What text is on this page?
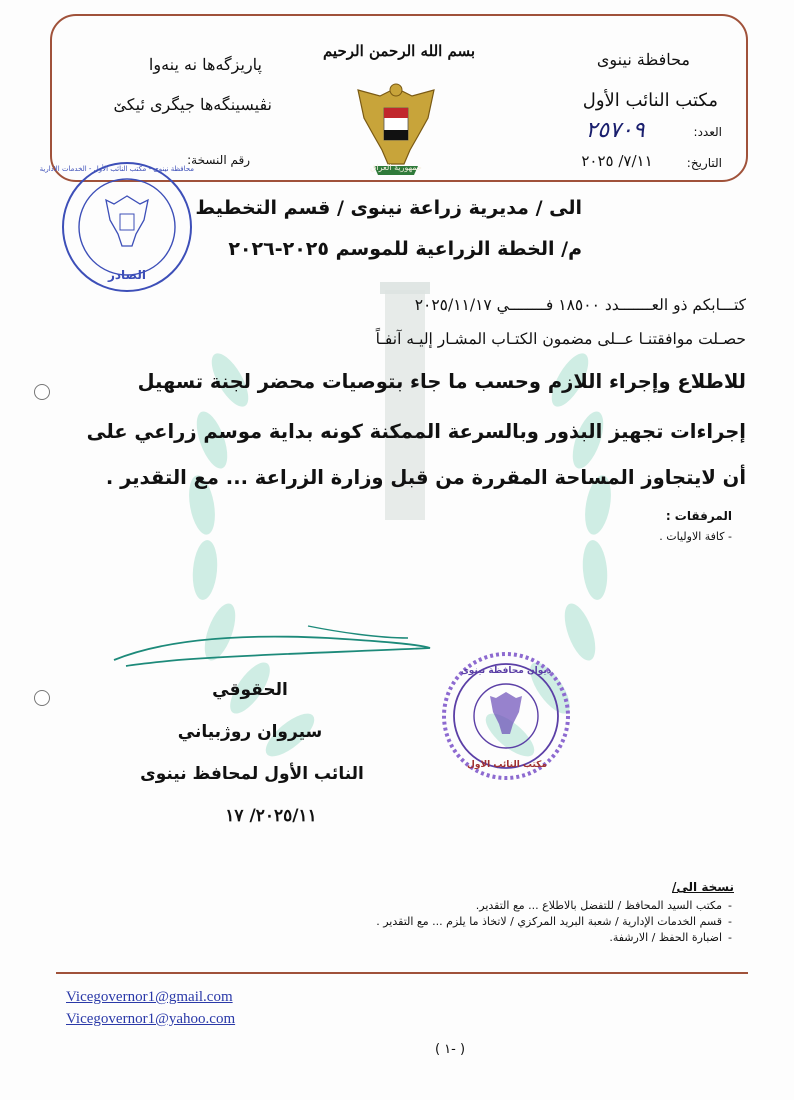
پاریزگەها نە ینەوا
نڤیسینگەها جیگری ئیکێ
رقم النسخة:
بسم الله الرحمن الرحيم
جمهورية العراق
محافظة نينوى
مكتب النائب الأول
العدد:
٢٥٧٠٩
التاريخ:
٧/١١/ ٢٠٢٥
محافظة نينوى - مكتب النائب الأول - الخدمات الادارية
الصادر
الى / مديرية زراعة نينوى / قسم التخطيط
م/ الخطة الزراعية للموسم ٢٠٢٥-٢٠٢٦
كتـــابكم ذو العـــــــدد ١٨٥٠٠ فــــــــي ٢٠٢٥/١١/١٧
حصـلت موافقتنـا عــلى مضمون الكتـاب المشـار إليـه آنفـاً
للاطلاع وإجراء اللازم وحسب ما جاء بتوصيات محضر لجنة تسهيل
إجراءات تجهيز البذور وبالسرعة الممكنة كونه بداية موسم زراعي على
أن لايتجاوز المساحة المقررة من قبل وزارة الزراعة ... مع التقدير .
المرفقات :
- كافة الاوليات .
الحقوقي
سيروان روژبياني
النائب الأول لمحافظ نينوى
٢٠٢٥/١١/ ١٧
ديوان محافظة نينوى
مكتب النائب الاول
نسخة الى/
مكتب السيد المحافظ / للتفضل بالاطلاع ... مع التقدير.
قسم الخدمات الإدارية / شعبة البريد المركزي / لاتخاذ ما يلزم ... مع التقدير .
اضبارة الحفظ / الارشفة.
-
-
-
Vicegovernor1@gmail.com
Vicegovernor1@yahoo.com
( -١ )
